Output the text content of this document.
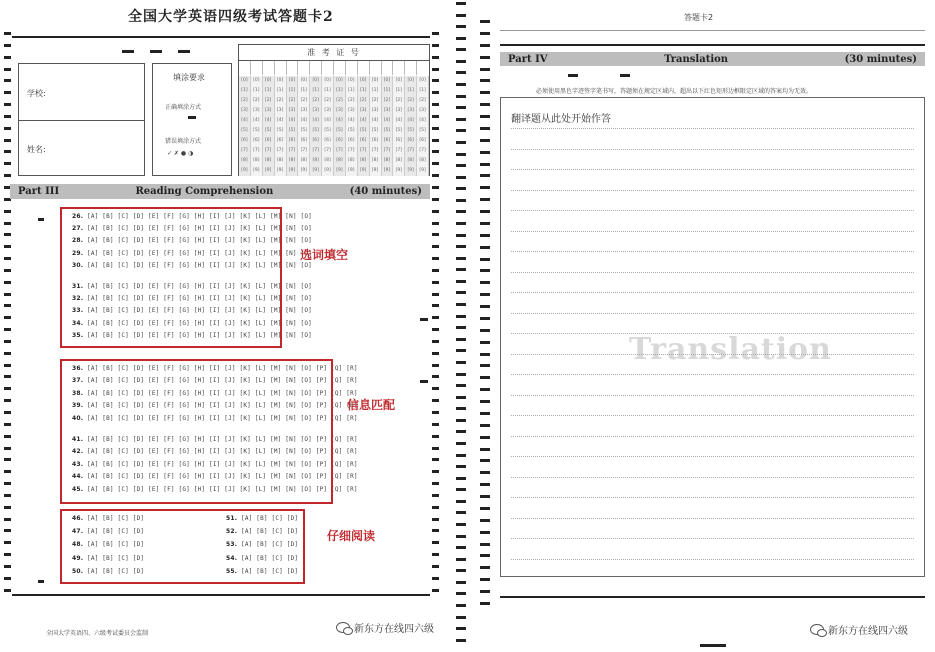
全国大学英语四级考试答题卡2
学校:
姓名:
填涂要求
正确填涂方式
错误填涂方式
✓ ✗ ● ◑
准 考 证 号
[0]	[0]	[0]	[0]	[0]	[0]	[0]	[0]	[0]	[0]	[0]	[0]	[0]	[0]	[0]	[0]
[1]	[1]	[1]	[1]	[1]	[1]	[1]	[1]	[1]	[1]	[1]	[1]	[1]	[1]	[1]	[1]
[2]	[2]	[2]	[2]	[2]	[2]	[2]	[2]	[2]	[2]	[2]	[2]	[2]	[2]	[2]	[2]
[3]	[3]	[3]	[3]	[3]	[3]	[3]	[3]	[3]	[3]	[3]	[3]	[3]	[3]	[3]	[3]
[4]	[4]	[4]	[4]	[4]	[4]	[4]	[4]	[4]	[4]	[4]	[4]	[4]	[4]	[4]	[4]
[5]	[5]	[5]	[5]	[5]	[5]	[5]	[5]	[5]	[5]	[5]	[5]	[5]	[5]	[5]	[5]
[6]	[6]	[6]	[6]	[6]	[6]	[6]	[6]	[6]	[6]	[6]	[6]	[6]	[6]	[6]	[6]
[7]	[7]	[7]	[7]	[7]	[7]	[7]	[7]	[7]	[7]	[7]	[7]	[7]	[7]	[7]	[7]
[8]	[8]	[8]	[8]	[8]	[8]	[8]	[8]	[8]	[8]	[8]	[8]	[8]	[8]	[8]	[8]
[9]	[9]	[9]	[9]	[9]	[9]	[9]	[9]	[9]	[9]	[9]	[9]	[9]	[9]	[9]	[9]
Part III	Reading Comprehension	(40 minutes)
26. [A] [B] [C] [D] [E] [F] [G] [H] [I] [J] [K] [L] [M] [N] [O]
27. [A] [B] [C] [D] [E] [F] [G] [H] [I] [J] [K] [L] [M] [N] [O]
28. [A] [B] [C] [D] [E] [F] [G] [H] [I] [J] [K] [L] [M] [N] [O]
29. [A] [B] [C] [D] [E] [F] [G] [H] [I] [J] [K] [L] [M] [N] [O]
30. [A] [B] [C] [D] [E] [F] [G] [H] [I] [J] [K] [L] [M] [N] [O]
31. [A] [B] [C] [D] [E] [F] [G] [H] [I] [J] [K] [L] [M] [N] [O]
32. [A] [B] [C] [D] [E] [F] [G] [H] [I] [J] [K] [L] [M] [N] [O]
33. [A] [B] [C] [D] [E] [F] [G] [H] [I] [J] [K] [L] [M] [N] [O]
34. [A] [B] [C] [D] [E] [F] [G] [H] [I] [J] [K] [L] [M] [N] [O]
35. [A] [B] [C] [D] [E] [F] [G] [H] [I] [J] [K] [L] [M] [N] [O]
36. [A] [B] [C] [D] [E] [F] [G] [H] [I] [J] [K] [L] [M] [N] [O] [P] [Q] [R]
37. [A] [B] [C] [D] [E] [F] [G] [H] [I] [J] [K] [L] [M] [N] [O] [P] [Q] [R]
38. [A] [B] [C] [D] [E] [F] [G] [H] [I] [J] [K] [L] [M] [N] [O] [P] [Q] [R]
39. [A] [B] [C] [D] [E] [F] [G] [H] [I] [J] [K] [L] [M] [N] [O] [P] [Q] [R]
40. [A] [B] [C] [D] [E] [F] [G] [H] [I] [J] [K] [L] [M] [N] [O] [P] [Q] [R]
41. [A] [B] [C] [D] [E] [F] [G] [H] [I] [J] [K] [L] [M] [N] [O] [P] [Q] [R]
42. [A] [B] [C] [D] [E] [F] [G] [H] [I] [J] [K] [L] [M] [N] [O] [P] [Q] [R]
43. [A] [B] [C] [D] [E] [F] [G] [H] [I] [J] [K] [L] [M] [N] [O] [P] [Q] [R]
44. [A] [B] [C] [D] [E] [F] [G] [H] [I] [J] [K] [L] [M] [N] [O] [P] [Q] [R]
45. [A] [B] [C] [D] [E] [F] [G] [H] [I] [J] [K] [L] [M] [N] [O] [P] [Q] [R]
46. [A] [B] [C] [D]
47. [A] [B] [C] [D]
48. [A] [B] [C] [D]
49. [A] [B] [C] [D]
50. [A] [B] [C] [D]
51. [A] [B] [C] [D]
52. [A] [B] [C] [D]
53. [A] [B] [C] [D]
54. [A] [B] [C] [D]
55. [A] [B] [C] [D]
选词填空
信息匹配
仔细阅读
全国大学英语四、六级考试委员会监制	新东方在线四六级
答题卡2
Part IV	Translation	(30 minutes)
必须使用黑色字迹签字笔书写，答题须在规定区域内，超出以下红色矩形边框限定区域的答案均为无效。
翻译题从此处开始作答
Translation
新东方在线四六级
